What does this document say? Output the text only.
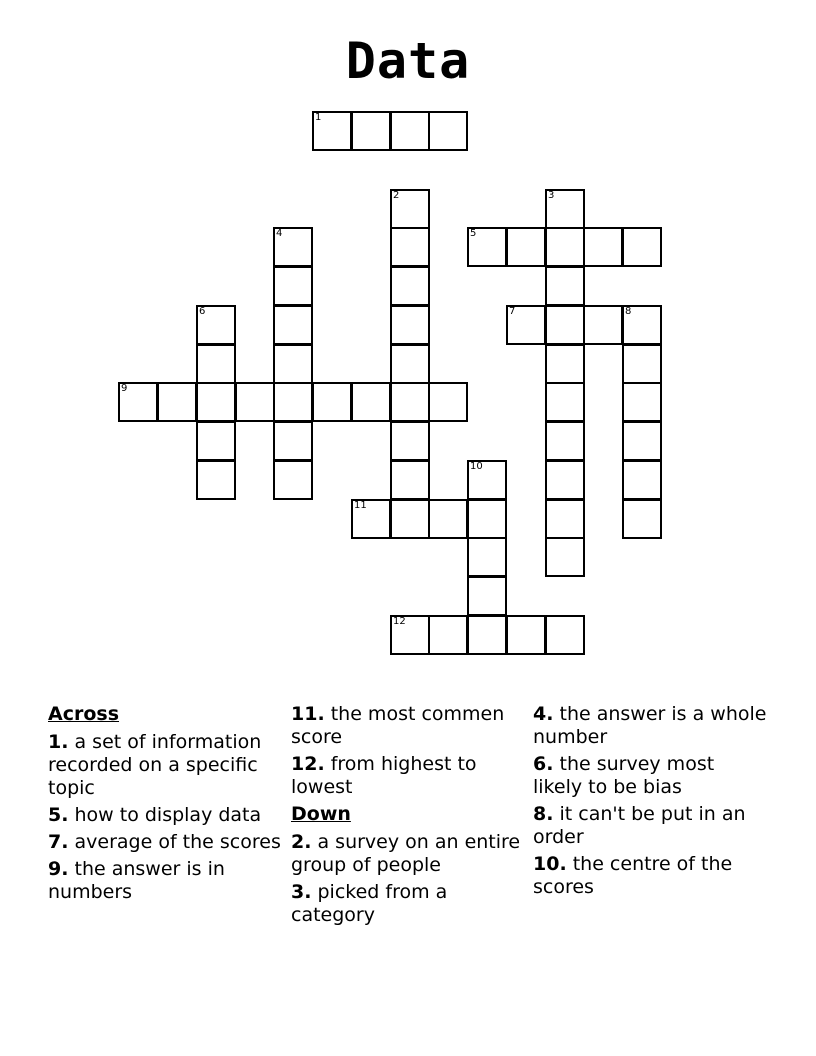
Data
1
2	3
4	5
6	7	8
9
10
11
12
Across
1. a set of information recorded on a specific topic
5. how to display data
7. average of the scores
9. the answer is in numbers
11. the most commen score
12. from highest to lowest
Down
2. a survey on an entire group of people
3. picked from a category
4. the answer is a whole number
6. the survey most likely to be bias
8. it can't be put in an order
10. the centre of the scores
